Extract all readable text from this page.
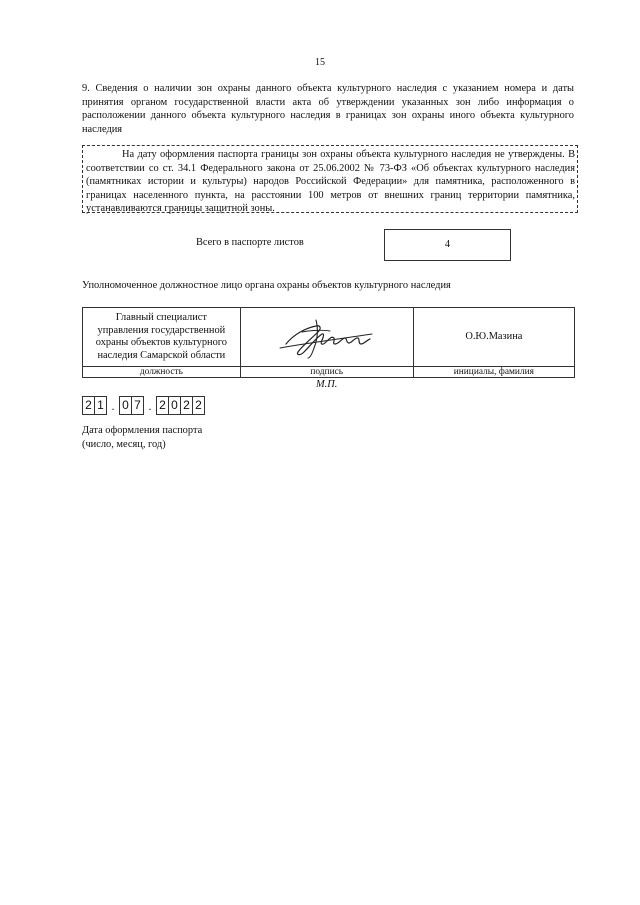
15
9. Сведения о наличии зон охраны данного объекта культурного наследия с указанием номера и даты принятия органом государственной власти акта об утверждении указанных зон либо информация о расположении данного объекта культурного наследия в границах зон охраны иного объекта культурного наследия
На дату оформления паспорта границы зон охраны объекта культурного наследия не утверждены. В соответствии со ст. 34.1 Федерального закона от 25.06.2002 № 73-ФЗ «Об объектах культурного наследия (памятниках истории и культуры) народов Российской Федерации» для памятника, расположенного в границах населенного пункта, на расстоянии 100 метров от внешних границ территории памятника, устанавливаются границы защитной зоны.
Всего в паспорте листов	4
Уполномоченное должностное лицо органа охраны объектов культурного наследия
Главный специалист
управления государственной
охраны объектов культурного
наследия Самарской области		О.Ю.Мазина
должность	подпись	инициалы, фамилия
М.П.
2 1 . 0 7 . 2 0 2 2
Дата оформления паспорта
(число, месяц, год)
